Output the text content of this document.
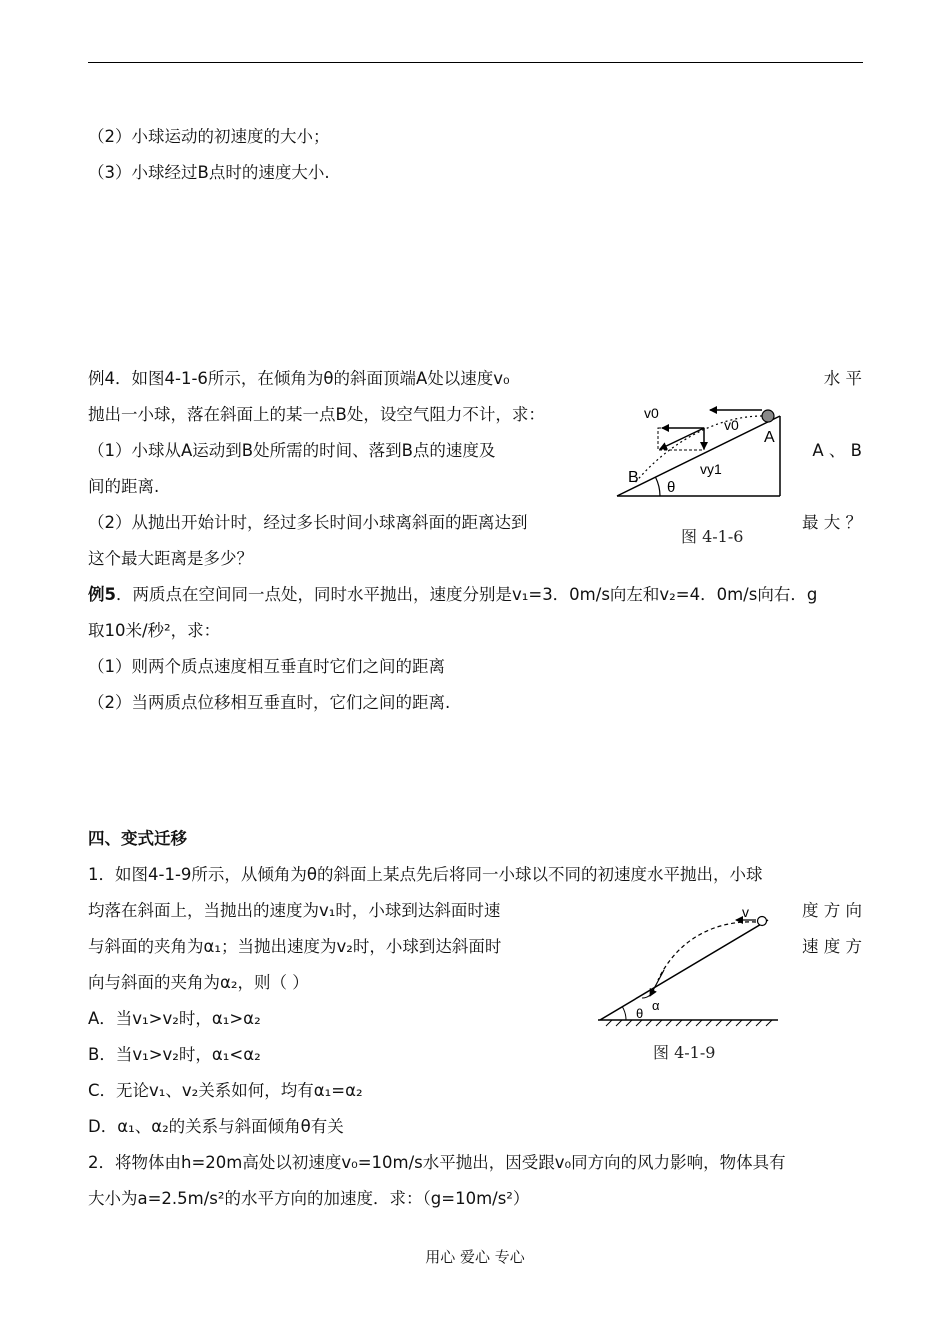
（2）小球运动的初速度的大小；
（3）小球经过B点时的速度大小.
例4．如图4-1-6所示，在倾角为θ的斜面顶端A处以速度v₀	水 平
抛出一小球，落在斜面上的某一点B处，设空气阻力不计，求：
（1）小球从A运动到B处所需的时间、落到B点的速度及	A 、 B
间的距离.
（2）从抛出开始计时，经过多长时间小球离斜面的距离达到	最 大 ？
这个最大距离是多少？
v0
v0
A
B	vy1
θ
图 4-1-6
例5．两质点在空间同一点处，同时水平抛出，速度分别是v₁=3．0m/s向左和v₂=4．0m/s向右．g
取10米/秒²，求：
（1）则两个质点速度相互垂直时它们之间的距离
（2）当两质点位移相互垂直时，它们之间的距离.
四、变式迁移
1．如图4-1-9所示，从倾角为θ的斜面上某点先后将同一小球以不同的初速度水平抛出，小球
均落在斜面上，当抛出的速度为v₁时，小球到达斜面时速	度 方 向
与斜面的夹角为α₁；当抛出速度为v₂时，小球到达斜面时	速 度 方
向与斜面的夹角为α₂，则（ ）
A．当v₁>v₂时，α₁>α₂
B．当v₁>v₂时，α₁<α₂
C．无论v₁、v₂关系如何，均有α₁=α₂
D．α₁、α₂的关系与斜面倾角θ有关
v
α
θ
图 4-1-9
2．将物体由h=20m高处以初速度v₀=10m/s水平抛出，因受跟v₀同方向的风力影响，物体具有
大小为a=2.5m/s²的水平方向的加速度．求：（g=10m/s²）
用心 爱心 专心
